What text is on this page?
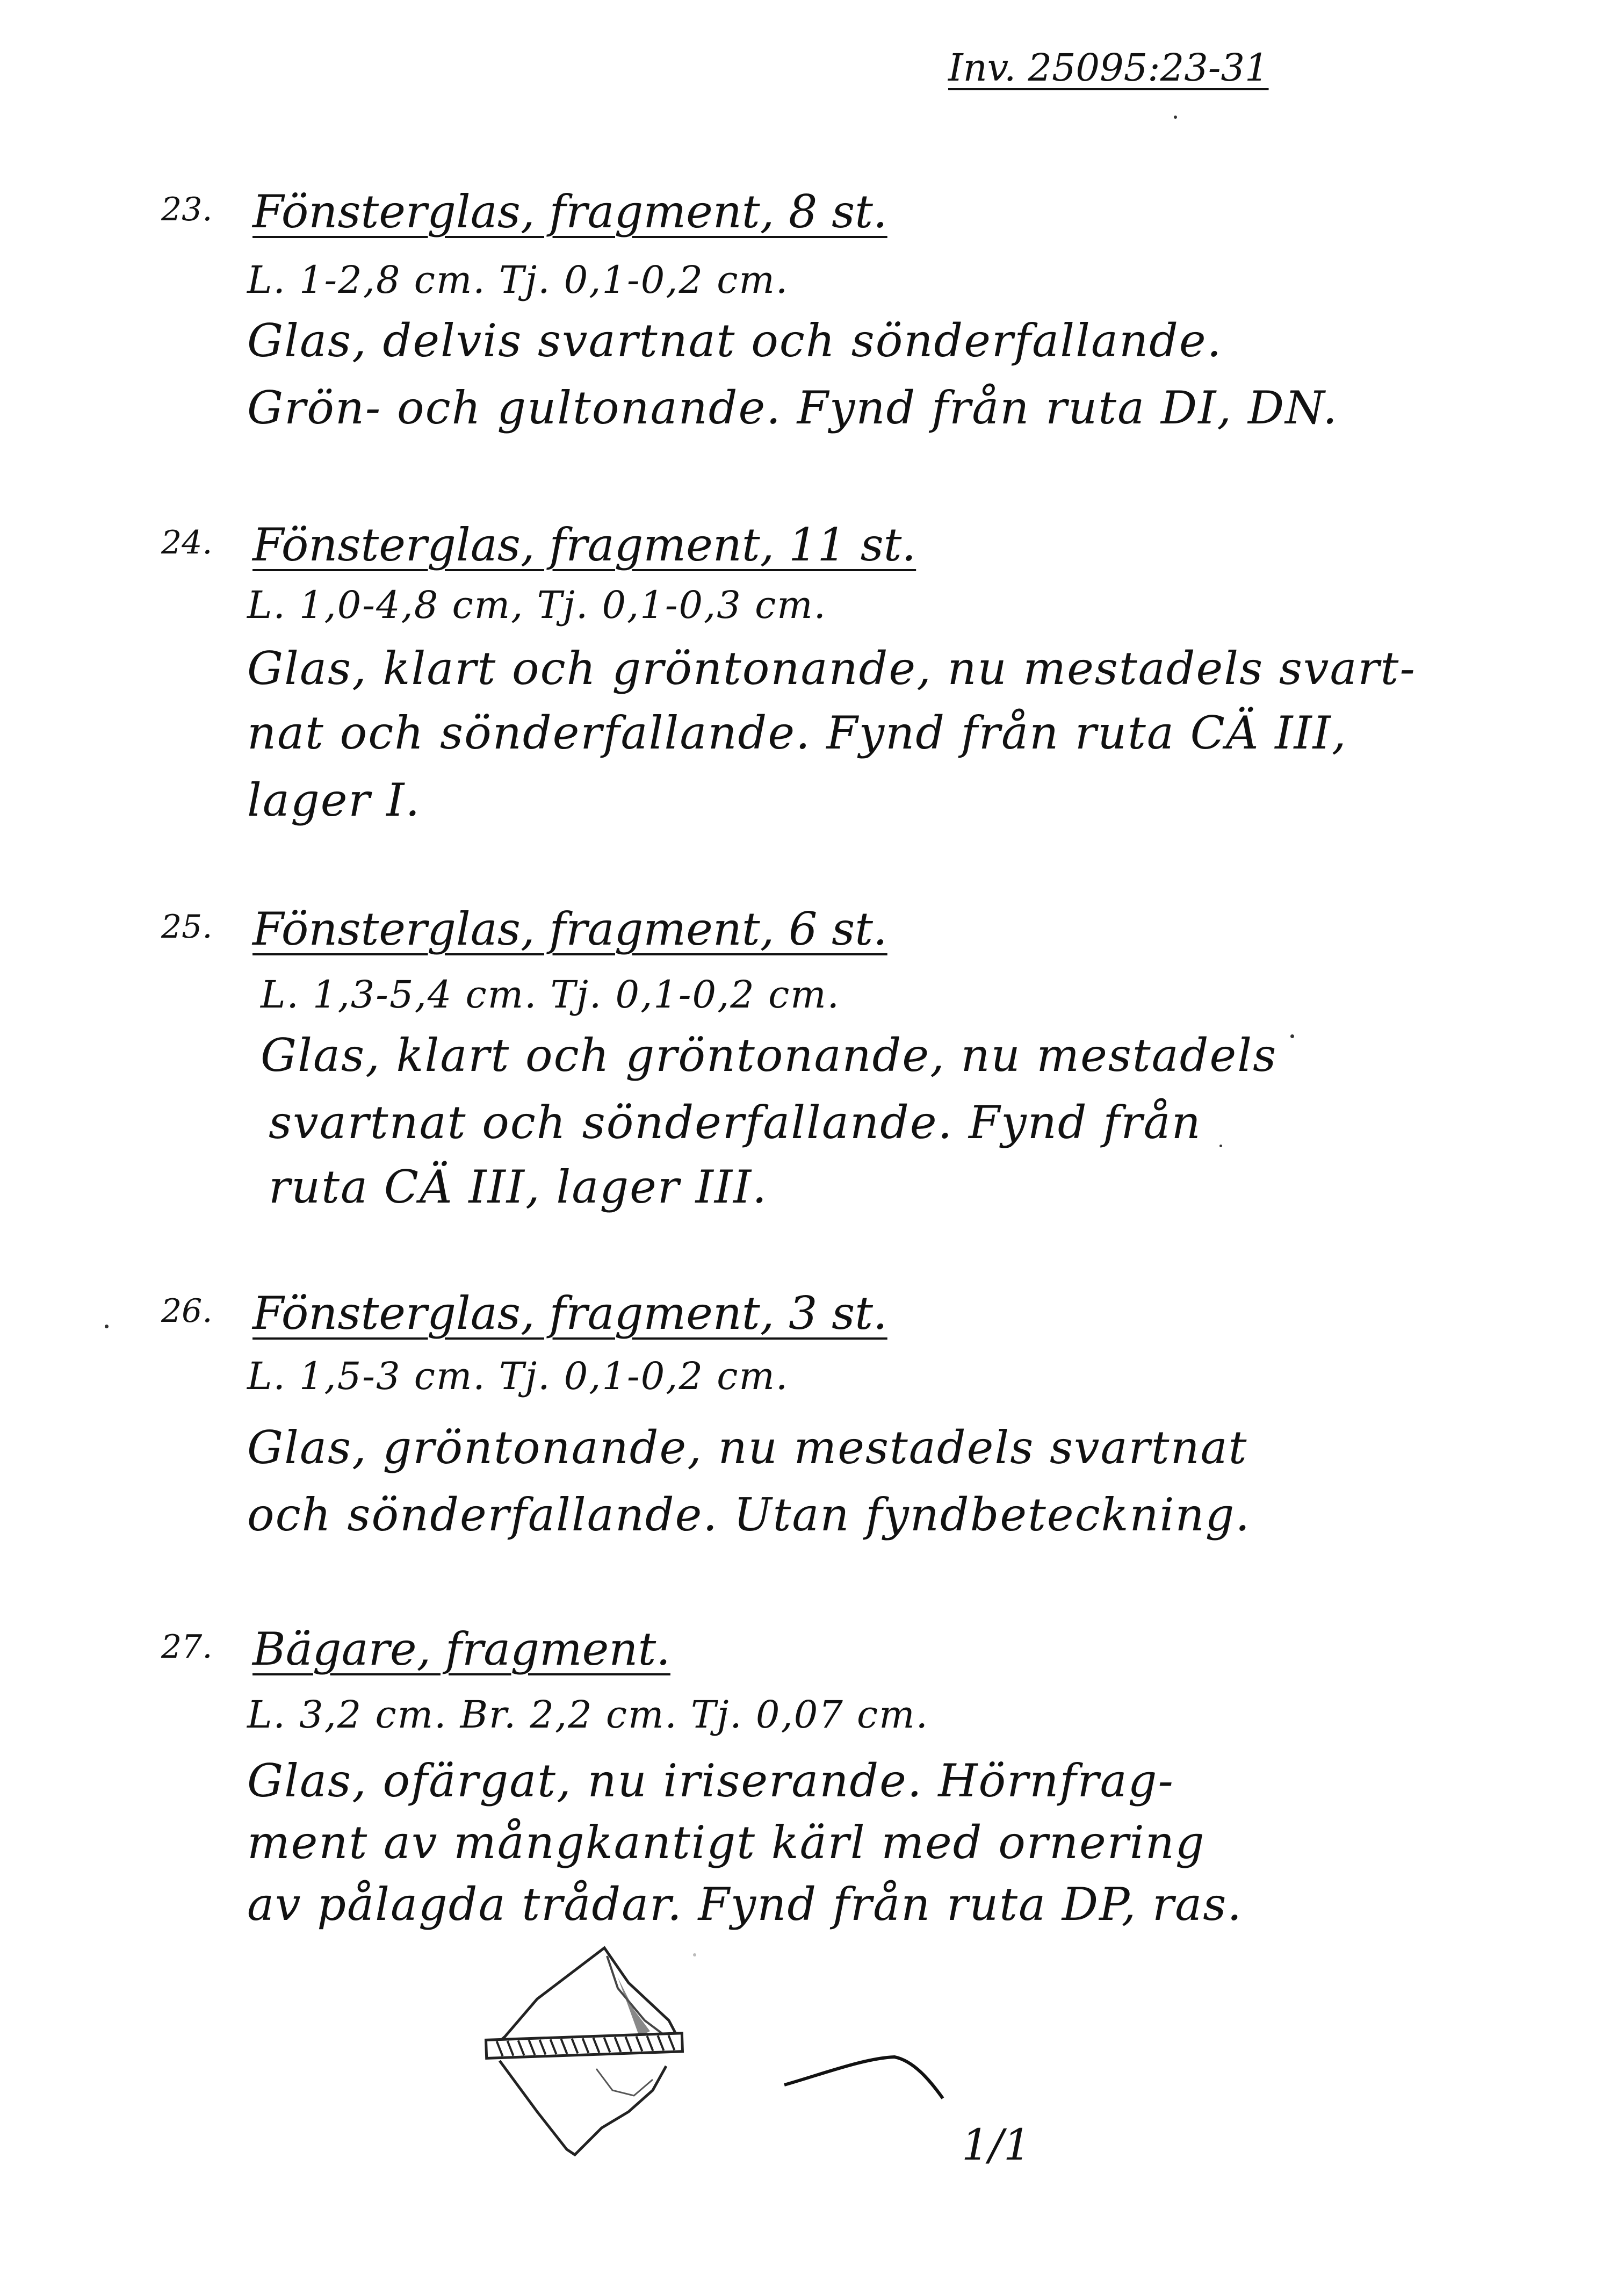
Inv. 25095:23-31
23. Fönsterglas, fragment, 8 st.
L. 1-2,8 cm. Tj. 0,1-0,2 cm.
Glas, delvis svartnat och sönderfallande.
Grön- och gultonande. Fynd från ruta DI, DN.
24. Fönsterglas, fragment, 11 st.
L. 1,0-4,8 cm, Tj. 0,1-0,3 cm.
Glas, klart och gröntonande, nu mestadels svart-
nat och sönderfallande. Fynd från ruta CÄ III,
lager I.
25. Fönsterglas, fragment, 6 st.
L. 1,3-5,4 cm. Tj. 0,1-0,2 cm.
Glas, klart och gröntonande, nu mestadels
svartnat och sönderfallande. Fynd från
ruta CÄ III, lager III.
26. Fönsterglas, fragment, 3 st.
L. 1,5-3 cm. Tj. 0,1-0,2 cm.
Glas, gröntonande, nu mestadels svartnat
och sönderfallande. Utan fyndbeteckning.
27. Bägare, fragment.
L. 3,2 cm. Br. 2,2 cm. Tj. 0,07 cm.
Glas, ofärgat, nu iriserande. Hörnfrag-
ment av mångkantigt kärl med ornering
av pålagda trådar. Fynd från ruta DP, ras.
1/1
